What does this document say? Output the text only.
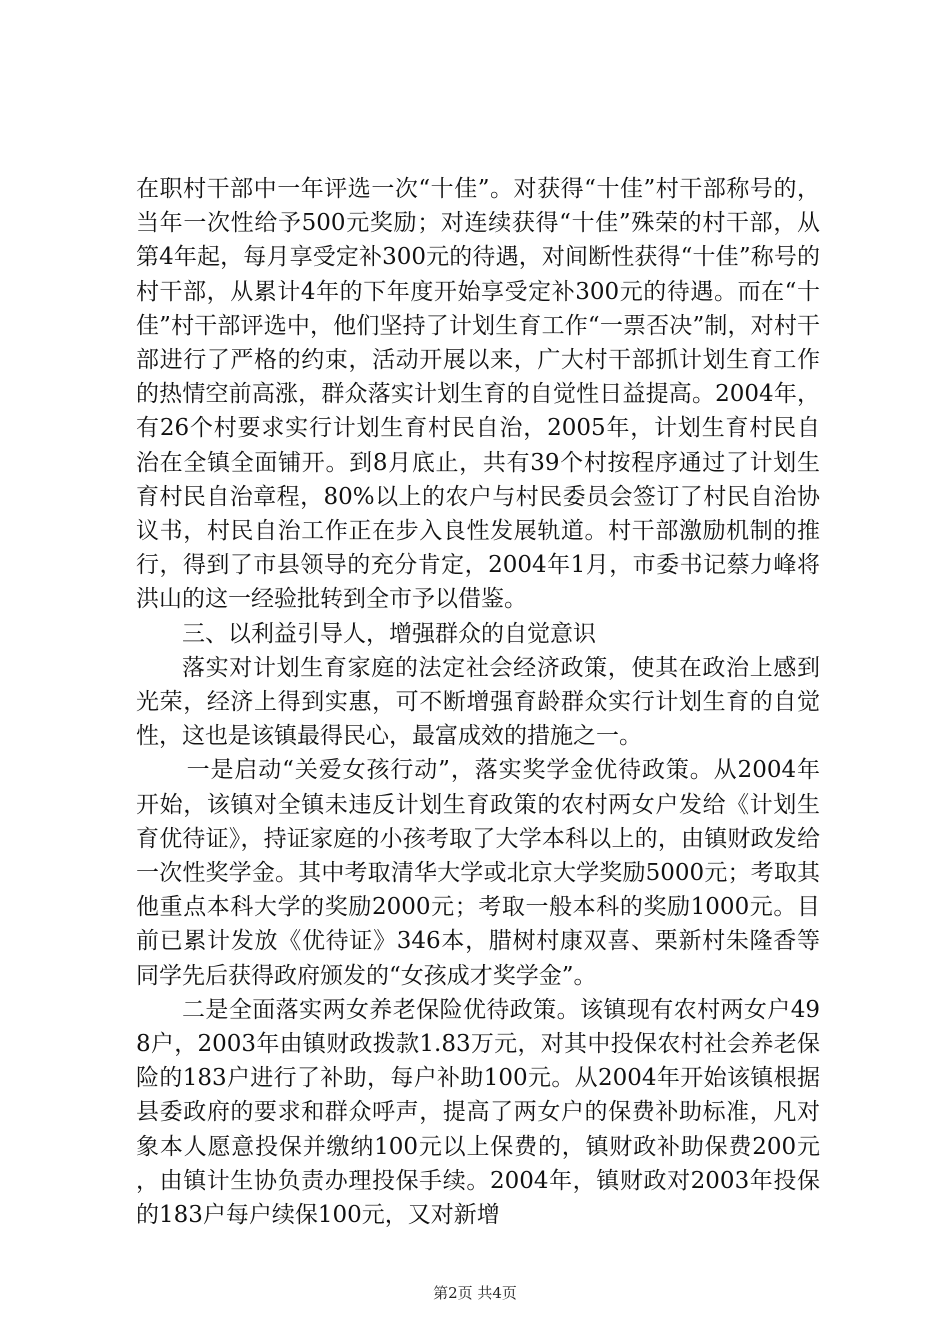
在职村干部中一年评选一次“十佳”。对获得“十佳”村干部称号的，当年一次性给予500元奖励；对连续获得“十佳”殊荣的村干部，从第4年起，每月享受定补300元的待遇，对间断性获得“十佳”称号的村干部，从累计4年的下年度开始享受定补300元的待遇。而在“十佳”村干部评选中，他们坚持了计划生育工作“一票否决”制，对村干部进行了严格的约束，活动开展以来，广大村干部抓计划生育工作的热情空前高涨，群众落实计划生育的自觉性日益提高。2004年，有26个村要求实行计划生育村民自治，2005年，计划生育村民自治在全镇全面铺开。到8月底止，共有39个村按程序通过了计划生育村民自治章程，80%以上的农户与村民委员会签订了村民自治协议书，村民自治工作正在步入良性发展轨道。村干部激励机制的推行，得到了市县领导的充分肯定，2004年1月，市委书记蔡力峰将洪山的这一经验批转到全市予以借鉴。

三、以利益引导人，增强群众的自觉意识

落实对计划生育家庭的法定社会经济政策，使其在政治上感到光荣，经济上得到实惠，可不断增强育龄群众实行计划生育的自觉性，这也是该镇最得民心，最富成效的措施之一。

一是启动“关爱女孩行动”，落实奖学金优待政策。从2004年开始，该镇对全镇未违反计划生育政策的农村两女户发给《计划生育优待证》，持证家庭的小孩考取了大学本科以上的，由镇财政发给一次性奖学金。其中考取清华大学或北京大学奖励5000元；考取其他重点本科大学的奖励2000元；考取一般本科的奖励1000元。目前已累计发放《优待证》346本，腊树村康双喜、栗新村朱隆香等同学先后获得政府颁发的“女孩成才奖学金”。

二是全面落实两女养老保险优待政策。该镇现有农村两女户498户，2003年由镇财政拨款1.83万元，对其中投保农村社会养老保险的183户进行了补助，每户补助100元。从2004年开始该镇根据县委政府的要求和群众呼声，提高了两女户的保费补助标准，凡对象本人愿意投保并缴纳100元以上保费的，镇财政补助保费200元，由镇计生协负责办理投保手续。2004年，镇财政对2003年投保的183户每户续保100元，又对新增

第2页 共4页
